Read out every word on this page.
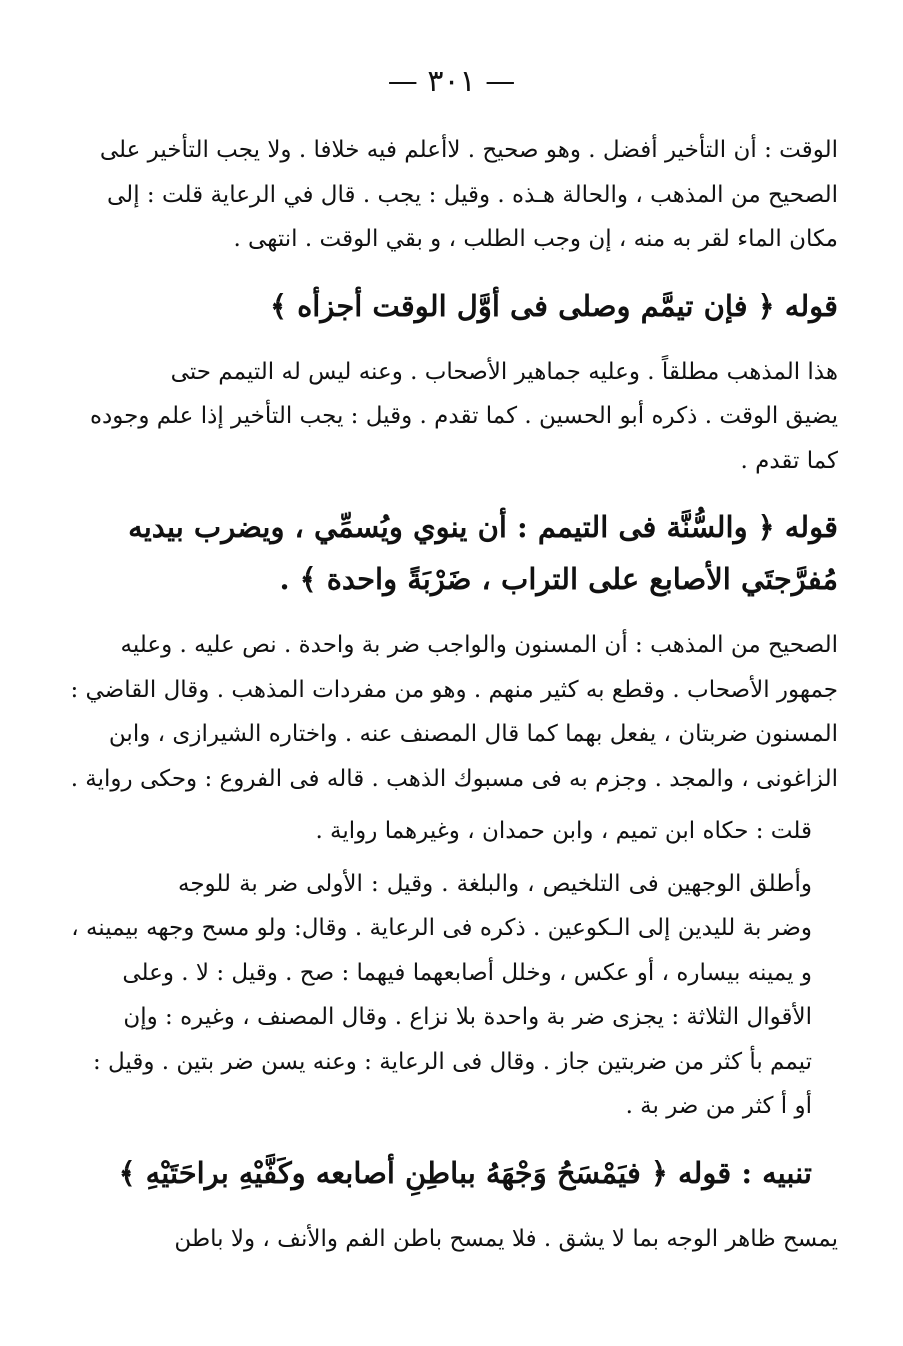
— ٣٠١ —
الوقت : أن التأخير أفضل . وهو صحيح . لاأعلم فيه خلافا . ولا يجب التأخير على
الصحيح من المذهب ، والحالة هـذه . وقيل : يجب . قال في الرعاية قلت : إلى
مكان الماء لقر به منه ، إن وجب الطلب ، و بقي الوقت . انتهى .
قوله ﴿ فإن تيمَّم وصلى فى أوَّل الوقت أجزأه ﴾
هذا المذهب مطلقاً . وعليه جماهير الأصحاب . وعنه ليس له التيمم حتى
يضيق الوقت . ذكره أبو الحسين . كما تقدم . وقيل : يجب التأخير إذا علم وجوده
كما تقدم .
قوله ﴿ والسُّنَّة فى التيمم : أن ينوي ويُسمِّي ، ويضرب بيديه
مُفرَّجتَي الأصابع على التراب ، ضَرْبَةً واحدة ﴾ .
الصحيح من المذهب : أن المسنون والواجب ضر بة واحدة . نص عليه . وعليه
جمهور الأصحاب . وقطع به كثير منهم . وهو من مفردات المذهب . وقال القاضي :
المسنون ضربتان ، يفعل بهما كما قال المصنف عنه . واختاره الشيرازى ، وابن
الزاغونى ، والمجد . وجزم به فى مسبوك الذهب . قاله فى الفروع : وحكى رواية .
قلت : حكاه ابن تميم ، وابن حمدان ، وغيرهما رواية .
وأطلق الوجهين فى التلخيص ، والبلغة . وقيل : الأولى ضر بة للوجه
وضر بة لليدين إلى الـكوعين . ذكره فى الرعاية . وقال: ولو مسح وجهه بيمينه ،
و يمينه بيساره ، أو عكس ، وخلل أصابعهما فيهما : صح . وقيل : لا . وعلى
الأقوال الثلاثة : يجزى ضر بة واحدة بلا نزاع . وقال المصنف ، وغيره : وإن
تيمم بأ كثر من ضربتين جاز . وقال فى الرعاية : وعنه يسن ضر بتين . وقيل :
أو أ كثر من ضر بة .
تنبيه : قوله ﴿ فيَمْسَحُ وَجْهَهُ بباطِنِ أصابعه وكَفَّيْهِ براحَتَيْهِ ﴾
يمسح ظاهر الوجه بما لا يشق . فلا يمسح باطن الفم والأنف ، ولا باطن
